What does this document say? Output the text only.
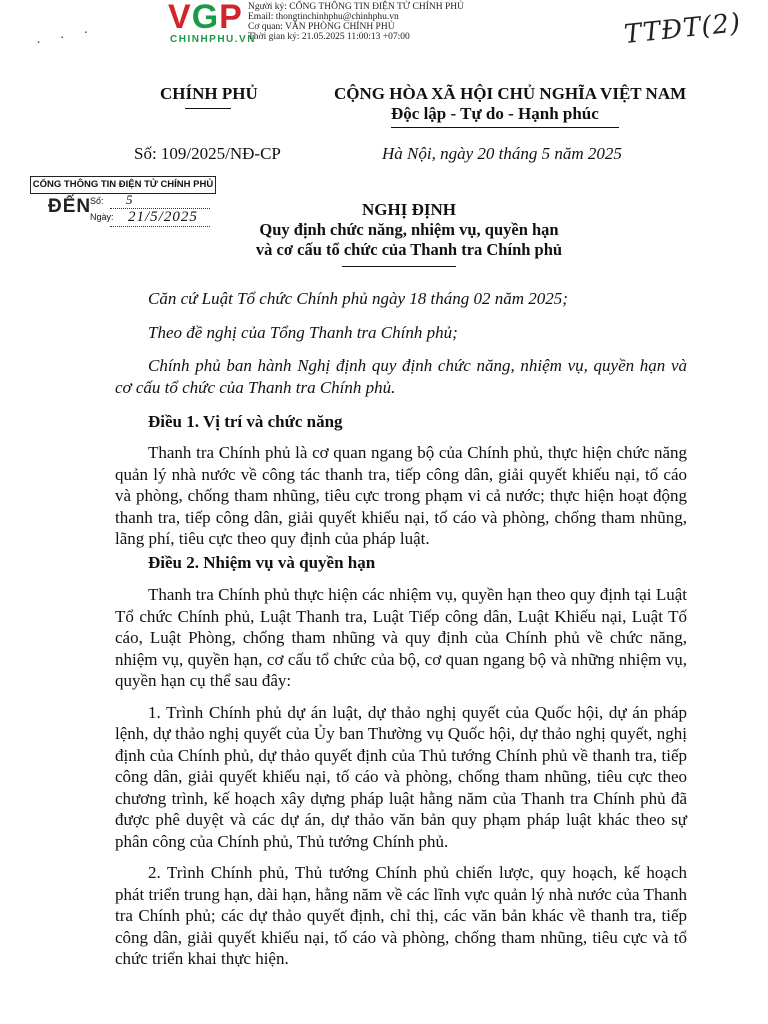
VGP
CHINHPHU.VN
Người ký: CỔNG THÔNG TIN ĐIỆN TỬ CHÍNH PHỦ
Email: thongtinchinhphu@chinhphu.vn
Cơ quan: VĂN PHÒNG CHÍNH PHỦ
Thời gian ký: 21.05.2025 11:00:13 +07:00	TTĐT(2)
· · ·
CHÍNH PHỦ	CỘNG HÒA XÃ HỘI CHỦ NGHĨA VIỆT NAM
Độc lập - Tự do - Hạnh phúc
Số: 109/2025/NĐ-CP	Hà Nội, ngày 20 tháng 5 năm 2025
CỔNG THÔNG TIN ĐIỆN TỬ CHÍNH PHỦ
ĐẾN
Số: 5
Ngày: 21/5/2025	NGHỊ ĐỊNH
Quy định chức năng, nhiệm vụ, quyền hạn
và cơ cấu tổ chức của Thanh tra Chính phủ

Căn cứ Luật Tổ chức Chính phủ ngày 18 tháng 02 năm 2025;

Theo đề nghị của Tổng Thanh tra Chính phủ;

Chính phủ ban hành Nghị định quy định chức năng, nhiệm vụ, quyền hạn và cơ cấu tổ chức của Thanh tra Chính phủ.

Điều 1. Vị trí và chức năng

Thanh tra Chính phủ là cơ quan ngang bộ của Chính phủ, thực hiện chức năng quản lý nhà nước về công tác thanh tra, tiếp công dân, giải quyết khiếu nại, tố cáo và phòng, chống tham nhũng, tiêu cực trong phạm vi cả nước; thực hiện hoạt động thanh tra, tiếp công dân, giải quyết khiếu nại, tố cáo và phòng, chống tham nhũng, lãng phí, tiêu cực theo quy định của pháp luật.

Điều 2. Nhiệm vụ và quyền hạn

Thanh tra Chính phủ thực hiện các nhiệm vụ, quyền hạn theo quy định tại Luật Tổ chức Chính phủ, Luật Thanh tra, Luật Tiếp công dân, Luật Khiếu nại, Luật Tố cáo, Luật Phòng, chống tham nhũng và quy định của Chính phủ về chức năng, nhiệm vụ, quyền hạn, cơ cấu tổ chức của bộ, cơ quan ngang bộ và những nhiệm vụ, quyền hạn cụ thể sau đây:

1. Trình Chính phủ dự án luật, dự thảo nghị quyết của Quốc hội, dự án pháp lệnh, dự thảo nghị quyết của Ủy ban Thường vụ Quốc hội, dự thảo nghị quyết, nghị định của Chính phủ, dự thảo quyết định của Thủ tướng Chính phủ về thanh tra, tiếp công dân, giải quyết khiếu nại, tố cáo và phòng, chống tham nhũng, tiêu cực theo chương trình, kế hoạch xây dựng pháp luật hằng năm của Thanh tra Chính phủ đã được phê duyệt và các dự án, dự thảo văn bản quy phạm pháp luật khác theo sự phân công của Chính phủ, Thủ tướng Chính phủ.

2. Trình Chính phủ, Thủ tướng Chính phủ chiến lược, quy hoạch, kế hoạch phát triển trung hạn, dài hạn, hằng năm về các lĩnh vực quản lý nhà nước của Thanh tra Chính phủ; các dự thảo quyết định, chỉ thị, các văn bản khác về thanh tra, tiếp công dân, giải quyết khiếu nại, tố cáo và phòng, chống tham nhũng, tiêu cực và tổ chức triển khai thực hiện.
